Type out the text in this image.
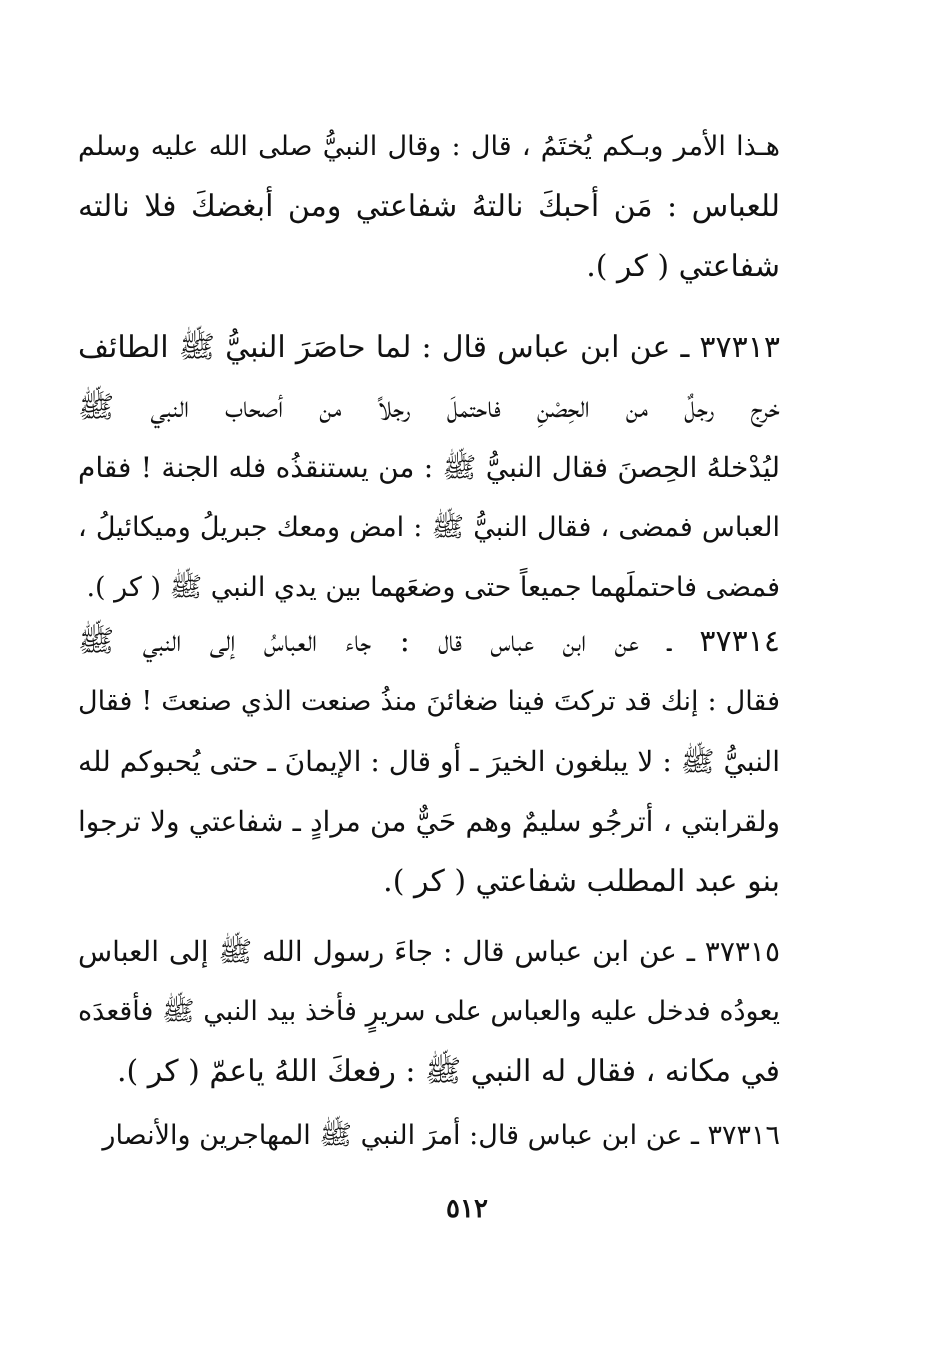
هـذا الأمر وبـكم يُختَمُ ، قال : وقال النبيُّ صلى الله عليه وسلم
للعباس : مَن أحبكَ نالتهُ شفاعتي ومن أبغضكَ فلا نالته
شفاعتي ( كر ).
٣٧٣١٣ ـ عن ابن عباس قال : لما حاصَرَ النبيُّ ﷺ الطائف
خرج رجلٌ من الحِصْنِ فاحتملَ رجلاً من أصحاب النبي ﷺ
ليُدْخلهُ الحِصنَ فقال النبيُّ ﷺ : من يستنقذُه فله الجنة ! فقام
العباس فمضى ، فقال النبيُّ ﷺ : امض ومعك جبريلُ وميكائيلُ ،
فمضى فاحتملَهما جميعاً حتى وضعَهما بين يدي النبي ﷺ ( كر ).
٣٧٣١٤ ـ عن ابن عباس قال : جاء العباسُ إلى النبي ﷺ
فقال : إنك قد تركتَ فينا ضغائنَ منذُ صنعت الذي صنعتَ ! فقال
النبيُّ ﷺ : لا يبلغون الخيرَ ـ أو قال : الإيمانَ ـ حتى يُحبوكم لله
ولقرابتي ، أترجُو سليمٌ وهم حَيٌّ من مرادٍ ـ شفاعتي ولا ترجوا
بنو عبد المطلب شفاعتي ( كر ).
٣٧٣١٥ ـ عن ابن عباس قال : جاءَ رسول الله ﷺ إلى العباس
يعودُه فدخل عليه والعباس على سريرٍ فأخذ بيد النبي ﷺ فأقعدَه
في مكانه ، فقال له النبي ﷺ : رفعكَ اللهُ ياعمّ ( كر ).
٣٧٣١٦ ـ عن ابن عباس قال: أمرَ النبي ﷺ المهاجرين والأنصار
٥١٢
